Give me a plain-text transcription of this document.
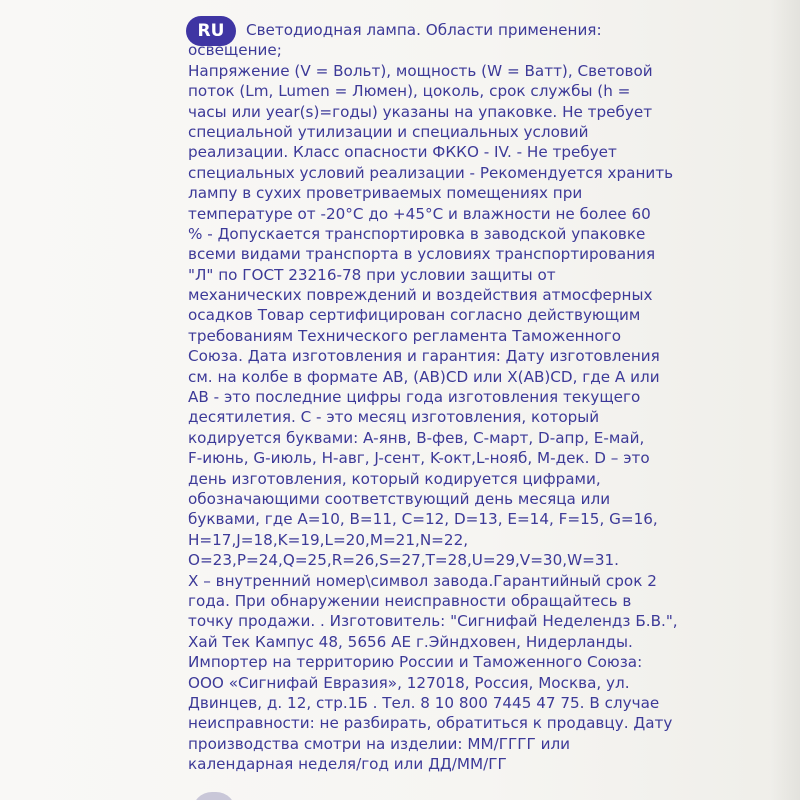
RU	Светодиодная лампа. Области применения:
освещение;
Напряжение (V = Вольт), мощность (W = Ватт), Световой
поток (Lm, Lumen = Люмен), цоколь, срок службы (h =
часы или year(s)=годы) указаны на упаковке. Не требует
специальной утилизации и специальных условий
реализации. Класс опасности ФККО - IV. - Не требует
специальных условий реализации - Рекомендуется хранить
лампу в сухих проветриваемых помещениях при
температуре от -20°С до +45°С и влажности не более 60
% - Допускается транспортировка в заводской упаковке
всеми видами транспорта в условиях транспортирования
"Л" по ГОСТ 23216-78 при условии защиты от
механических повреждений и воздействия атмосферных
осадков Товар сертифицирован согласно действующим
требованиям Технического регламента Таможенного
Союза. Дата изготовления и гарантия: Дату изготовления
см. на колбе в формате АВ, (АВ)СD или Х(АВ)CD, где А или
АВ - это последние цифры года изготовления текущего
десятилетия. С - это месяц изготовления, который
кодируется буквами: A-янв, B-фев, C-март, D-апр, E-май,
F-июнь, G-июль, H-авг, J-сент, K-окт,L-нояб, M-дек. D – это
день изготовления, который кодируется цифрами,
обозначающими соответствующий день месяца или
буквами, где A=10, B=11, C=12, D=13, E=14, F=15, G=16,
H=17,J=18,K=19,L=20,M=21,N=22,
O=23,P=24,Q=25,R=26,S=27,T=28,U=29,V=30,W=31.
X – внутренний номер\символ завода.Гарантийный срок 2
года. При обнаружении неисправности обращайтесь в
точку продажи. . Изготовитель: "Сигнифай Неделендз Б.В.",
Хай Тек Кампус 48, 5656 АЕ г.Эйндховен, Нидерланды.
Импортер на территорию России и Таможенного Союза:
ООО «Сигнифай Евразия», 127018, Россия, Москва, ул.
Двинцев, д. 12, стр.1Б . Тел. 8 10 800 7445 47 75. В случае
неисправности: не разбирать, обратиться к продавцу. Дату
производства смотри на изделии: ММ/ГГГГ или
календарная неделя/год или ДД/ММ/ГГ
